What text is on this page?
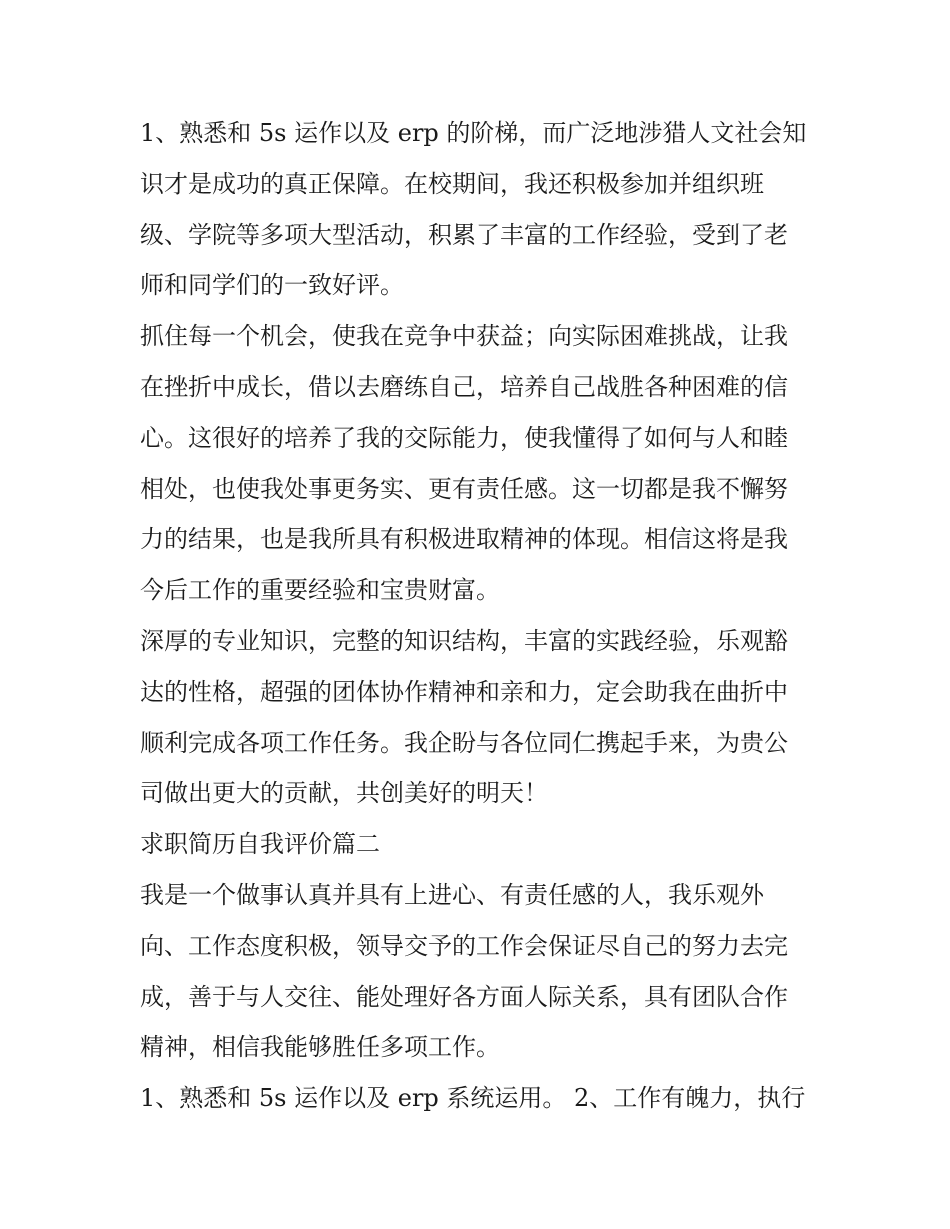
1、熟悉和 5s 运作以及 erp 的阶梯，而广泛地涉猎人文社会知
识才是成功的真正保障。在校期间，我还积极参加并组织班
级、学院等多项大型活动，积累了丰富的工作经验，受到了老
师和同学们的一致好评。
抓住每一个机会，使我在竞争中获益；向实际困难挑战，让我
在挫折中成长，借以去磨练自己，培养自己战胜各种困难的信
心。这很好的培养了我的交际能力，使我懂得了如何与人和睦
相处，也使我处事更务实、更有责任感。这一切都是我不懈努
力的结果，也是我所具有积极进取精神的体现。相信这将是我
今后工作的重要经验和宝贵财富。
深厚的专业知识，完整的知识结构，丰富的实践经验，乐观豁
达的性格，超强的团体协作精神和亲和力，定会助我在曲折中
顺利完成各项工作任务。我企盼与各位同仁携起手来，为贵公
司做出更大的贡献，共创美好的明天！
求职简历自我评价篇二
我是一个做事认真并具有上进心、有责任感的人，我乐观外
向、工作态度积极，领导交予的工作会保证尽自己的努力去完
成，善于与人交往、能处理好各方面人际关系，具有团队合作
精神，相信我能够胜任多项工作。
1、熟悉和 5s 运作以及 erp 系统运用。 2、工作有魄力，执行
